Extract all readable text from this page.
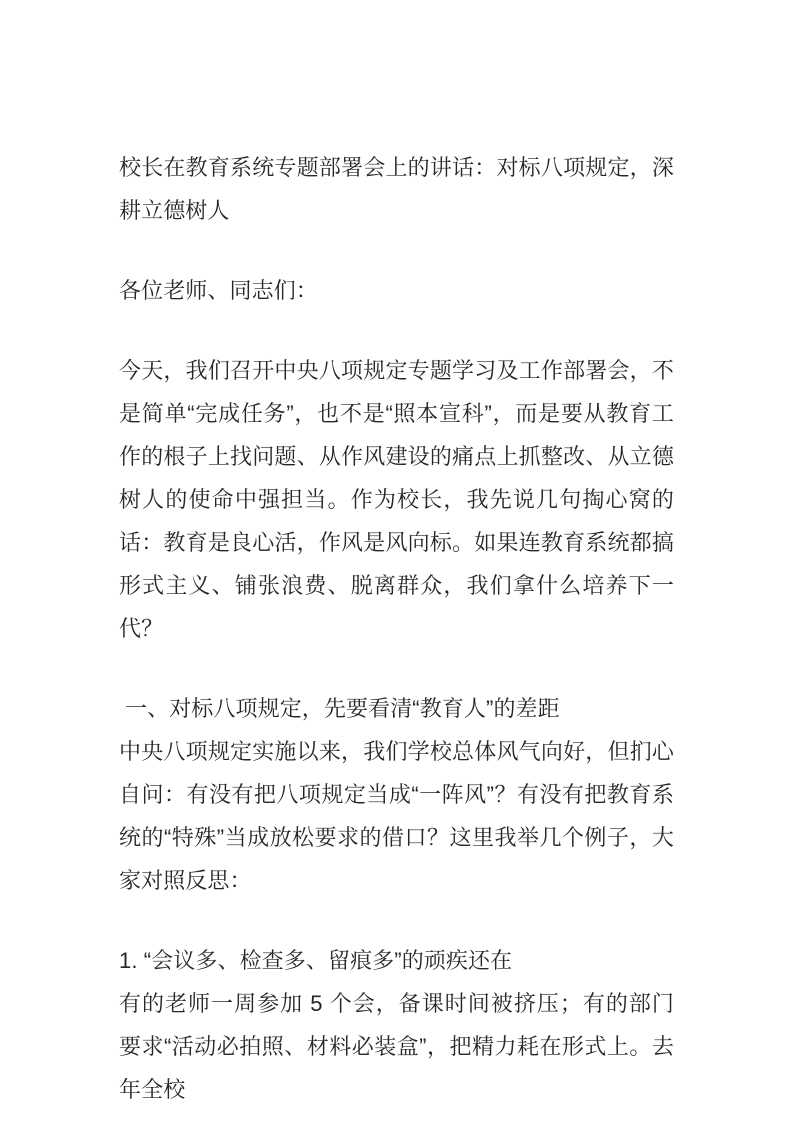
校长在教育系统专题部署会上的讲话：对标八项规定，深耕立德树人

各位老师、同志们：

今天，我们召开中央八项规定专题学习及工作部署会，不是简单“完成任务”，也不是“照本宣科”，而是要从教育工作的根子上找问题、从作风建设的痛点上抓整改、从立德树人的使命中强担当。作为校长，我先说几句掏心窝的话：教育是良心活，作风是风向标。如果连教育系统都搞形式主义、铺张浪费、脱离群众，我们拿什么培养下一代？

一、对标八项规定，先要看清“教育人”的差距

中央八项规定实施以来，我们学校总体风气向好，但扪心自问：有没有把八项规定当成“一阵风”？有没有把教育系统的“特殊”当成放松要求的借口？这里我举几个例子，大家对照反思：

1. “会议多、检查多、留痕多”的顽疾还在

有的老师一周参加 5 个会，备课时间被挤压；有的部门要求“活动必拍照、材料必装盒”，把精力耗在形式上。去年全校
